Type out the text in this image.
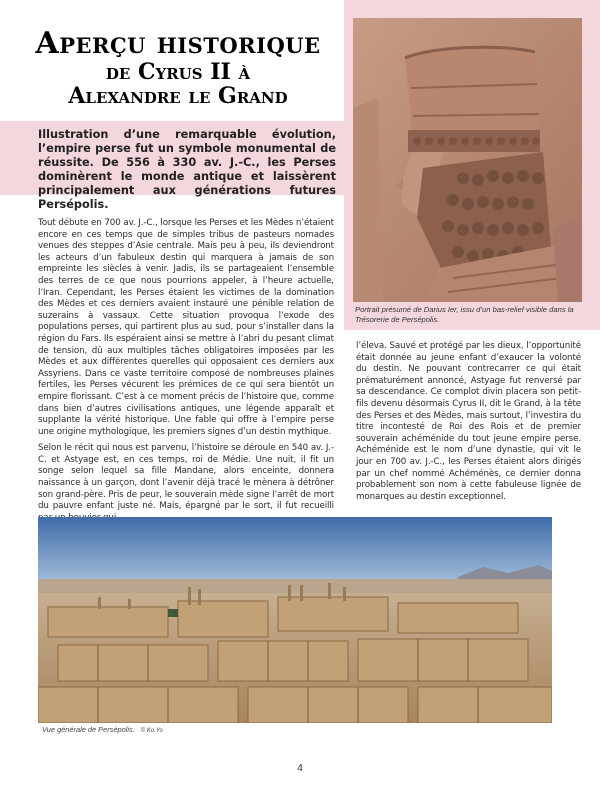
Aperçu historique
de Cyrus II à
Alexandre le Grand
Illustration d’une remarquable évolution, l’empire perse fut un symbole monumental de réussite. De 556 à 330 av. J.-C., les Perses dominèrent le monde antique et laissèrent principalement aux générations futures Persépolis.
Portrait présumé de Darius Ier, issu d’un bas-relief visible dans la Trésorerie de Persépolis.

Tout débute en 700 av. J.-C., lorsque les Perses et les Mèdes n’étaient encore en ces temps que de simples tribus de pasteurs nomades venues des steppes d’Asie centrale. Mais peu à peu, ils deviendront les acteurs d’un fabuleux destin qui marquera à jamais de son empreinte les siècles à venir. Jadis, ils se partageaient l’ensemble des terres de ce que nous pourrions appeler, à l’heure actuelle, l’Iran. Cependant, les Perses étaient les victimes de la domination des Mèdes et ces derniers avaient instauré une pénible relation de suzerains à vassaux. Cette situation provoqua l’exode des populations perses, qui partirent plus au sud, pour s’installer dans la région du Fars. Ils espéraient ainsi se mettre à l’abri du pesant climat de tension, dû aux multiples tâches obligatoires imposées par les Mèdes et aux différentes querelles qui opposaient ces derniers aux Assyriens. Dans ce vaste territoire composé de nombreuses plaines fertiles, les Perses vécurent les prémices de ce qui sera bientôt un empire florissant. C’est à ce moment précis de l’histoire que, comme dans bien d’autres civilisations antiques, une légende apparaît et supplante la vérité historique. Une fable qui offre à l’empire perse une origine mythologique, les premiers signes d’un destin mythique.

Selon le récit qui nous est parvenu, l’histoire se déroule en 540 av. J.-C. et Astyage est, en ces temps, roi de Médie. Une nuit, il fit un songe selon lequel sa fille Mandane, alors enceinte, donnera naissance à un garçon, dont l’avenir déjà tracé le mènera à détrôner son grand-père. Pris de peur, le souverain mède signe l’arrêt de mort du pauvre enfant juste né. Mais, épargné par le sort, il fut recueilli

l’éleva. Sauvé et protégé par les dieux, l’opportunité était donnée au jeune enfant d’exaucer la volonté du destin. Ne pouvant contrecarrer ce qui était prématurément annoncé, Astyage fut renversé par sa descendance. Ce complot divin placera son petit-fils devenu désormais Cyrus II, dit le Grand, à la tête des Perses et des Mèdes, mais surtout, l’investira du titre incontesté de Roi des Rois et de premier souverain achéménide du tout jeune empire perse. Achéménide est le nom d’une dynastie, qui vit le jour en 700 av. J.-C., les Perses étaient alors dirigés par un chef nommé Achéménès, ce dernier donna probablement son nom à cette fabuleuse lignée de monarques au destin exceptionnel.

Vue générale de Persépolis. © Ko.Yo
4
